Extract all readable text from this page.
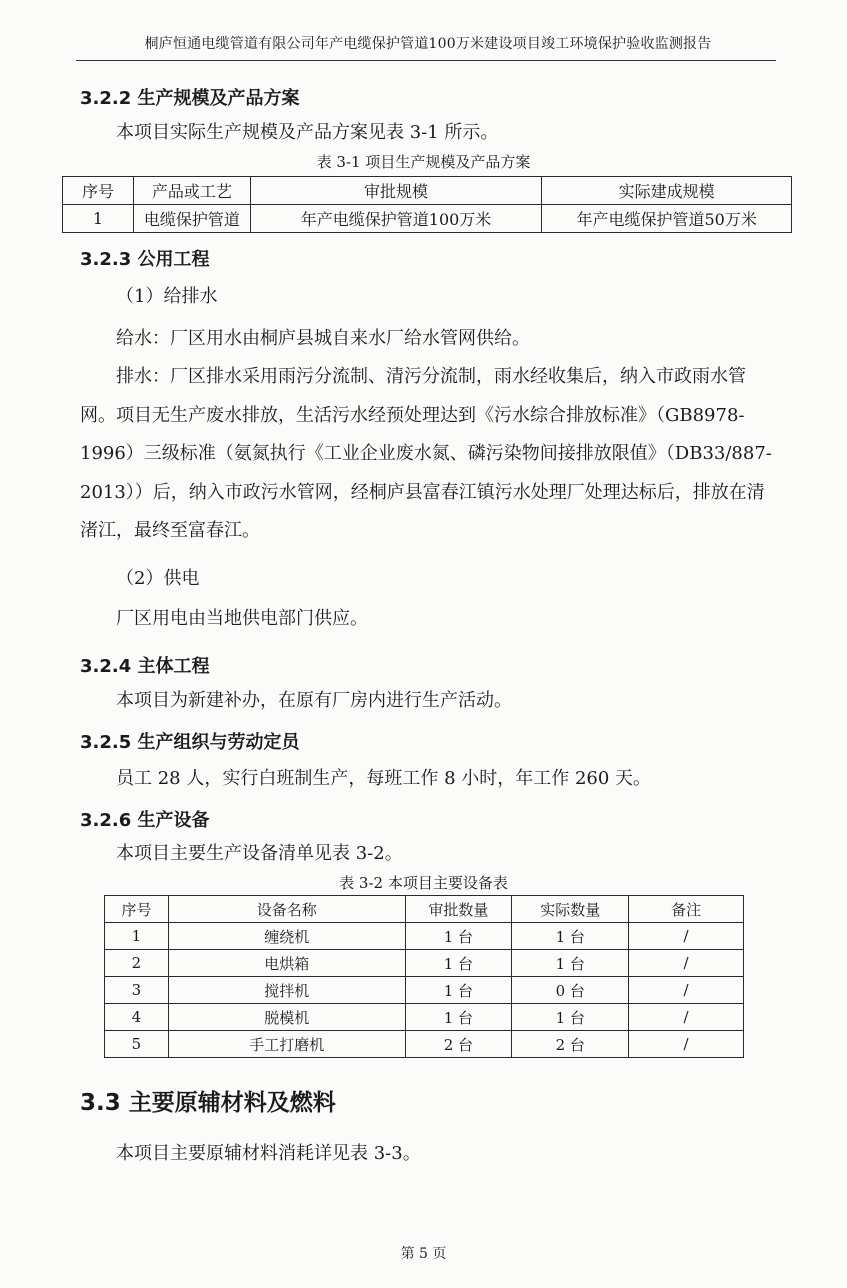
桐庐恒通电缆管道有限公司年产电缆保护管道100万米建设项目竣工环境保护验收监测报告
3.2.2 生产规模及产品方案
本项目实际生产规模及产品方案见表 3-1 所示。
表 3-1 项目生产规模及产品方案
序号	产品或工艺	审批规模	实际建成规模
1	电缆保护管道	年产电缆保护管道100万米	年产电缆保护管道50万米
3.2.3 公用工程
（1）给排水
给水：厂区用水由桐庐县城自来水厂给水管网供给。
排水：厂区排水采用雨污分流制、清污分流制，雨水经收集后，纳入市政雨水管网。项目无生产废水排放，生活污水经预处理达到《污水综合排放标准》（GB8978-1996）三级标准（氨氮执行《工业企业废水氮、磷污染物间接排放限值》（DB33/887-2013））后，纳入市政污水管网，经桐庐县富春江镇污水处理厂处理达标后，排放在清渚江，最终至富春江。
（2）供电
厂区用电由当地供电部门供应。
3.2.4 主体工程
本项目为新建补办，在原有厂房内进行生产活动。
3.2.5 生产组织与劳动定员
员工 28 人，实行白班制生产，每班工作 8 小时，年工作 260 天。
3.2.6 生产设备
本项目主要生产设备清单见表 3-2。
表 3-2 本项目主要设备表
序号	设备名称	审批数量	实际数量	备注
1	缠绕机	1 台	1 台	/
2	电烘箱	1 台	1 台	/
3	搅拌机	1 台	0 台	/
4	脱模机	1 台	1 台	/
5	手工打磨机	2 台	2 台	/
3.3 主要原辅材料及燃料
本项目主要原辅材料消耗详见表 3-3。
第 5 页
